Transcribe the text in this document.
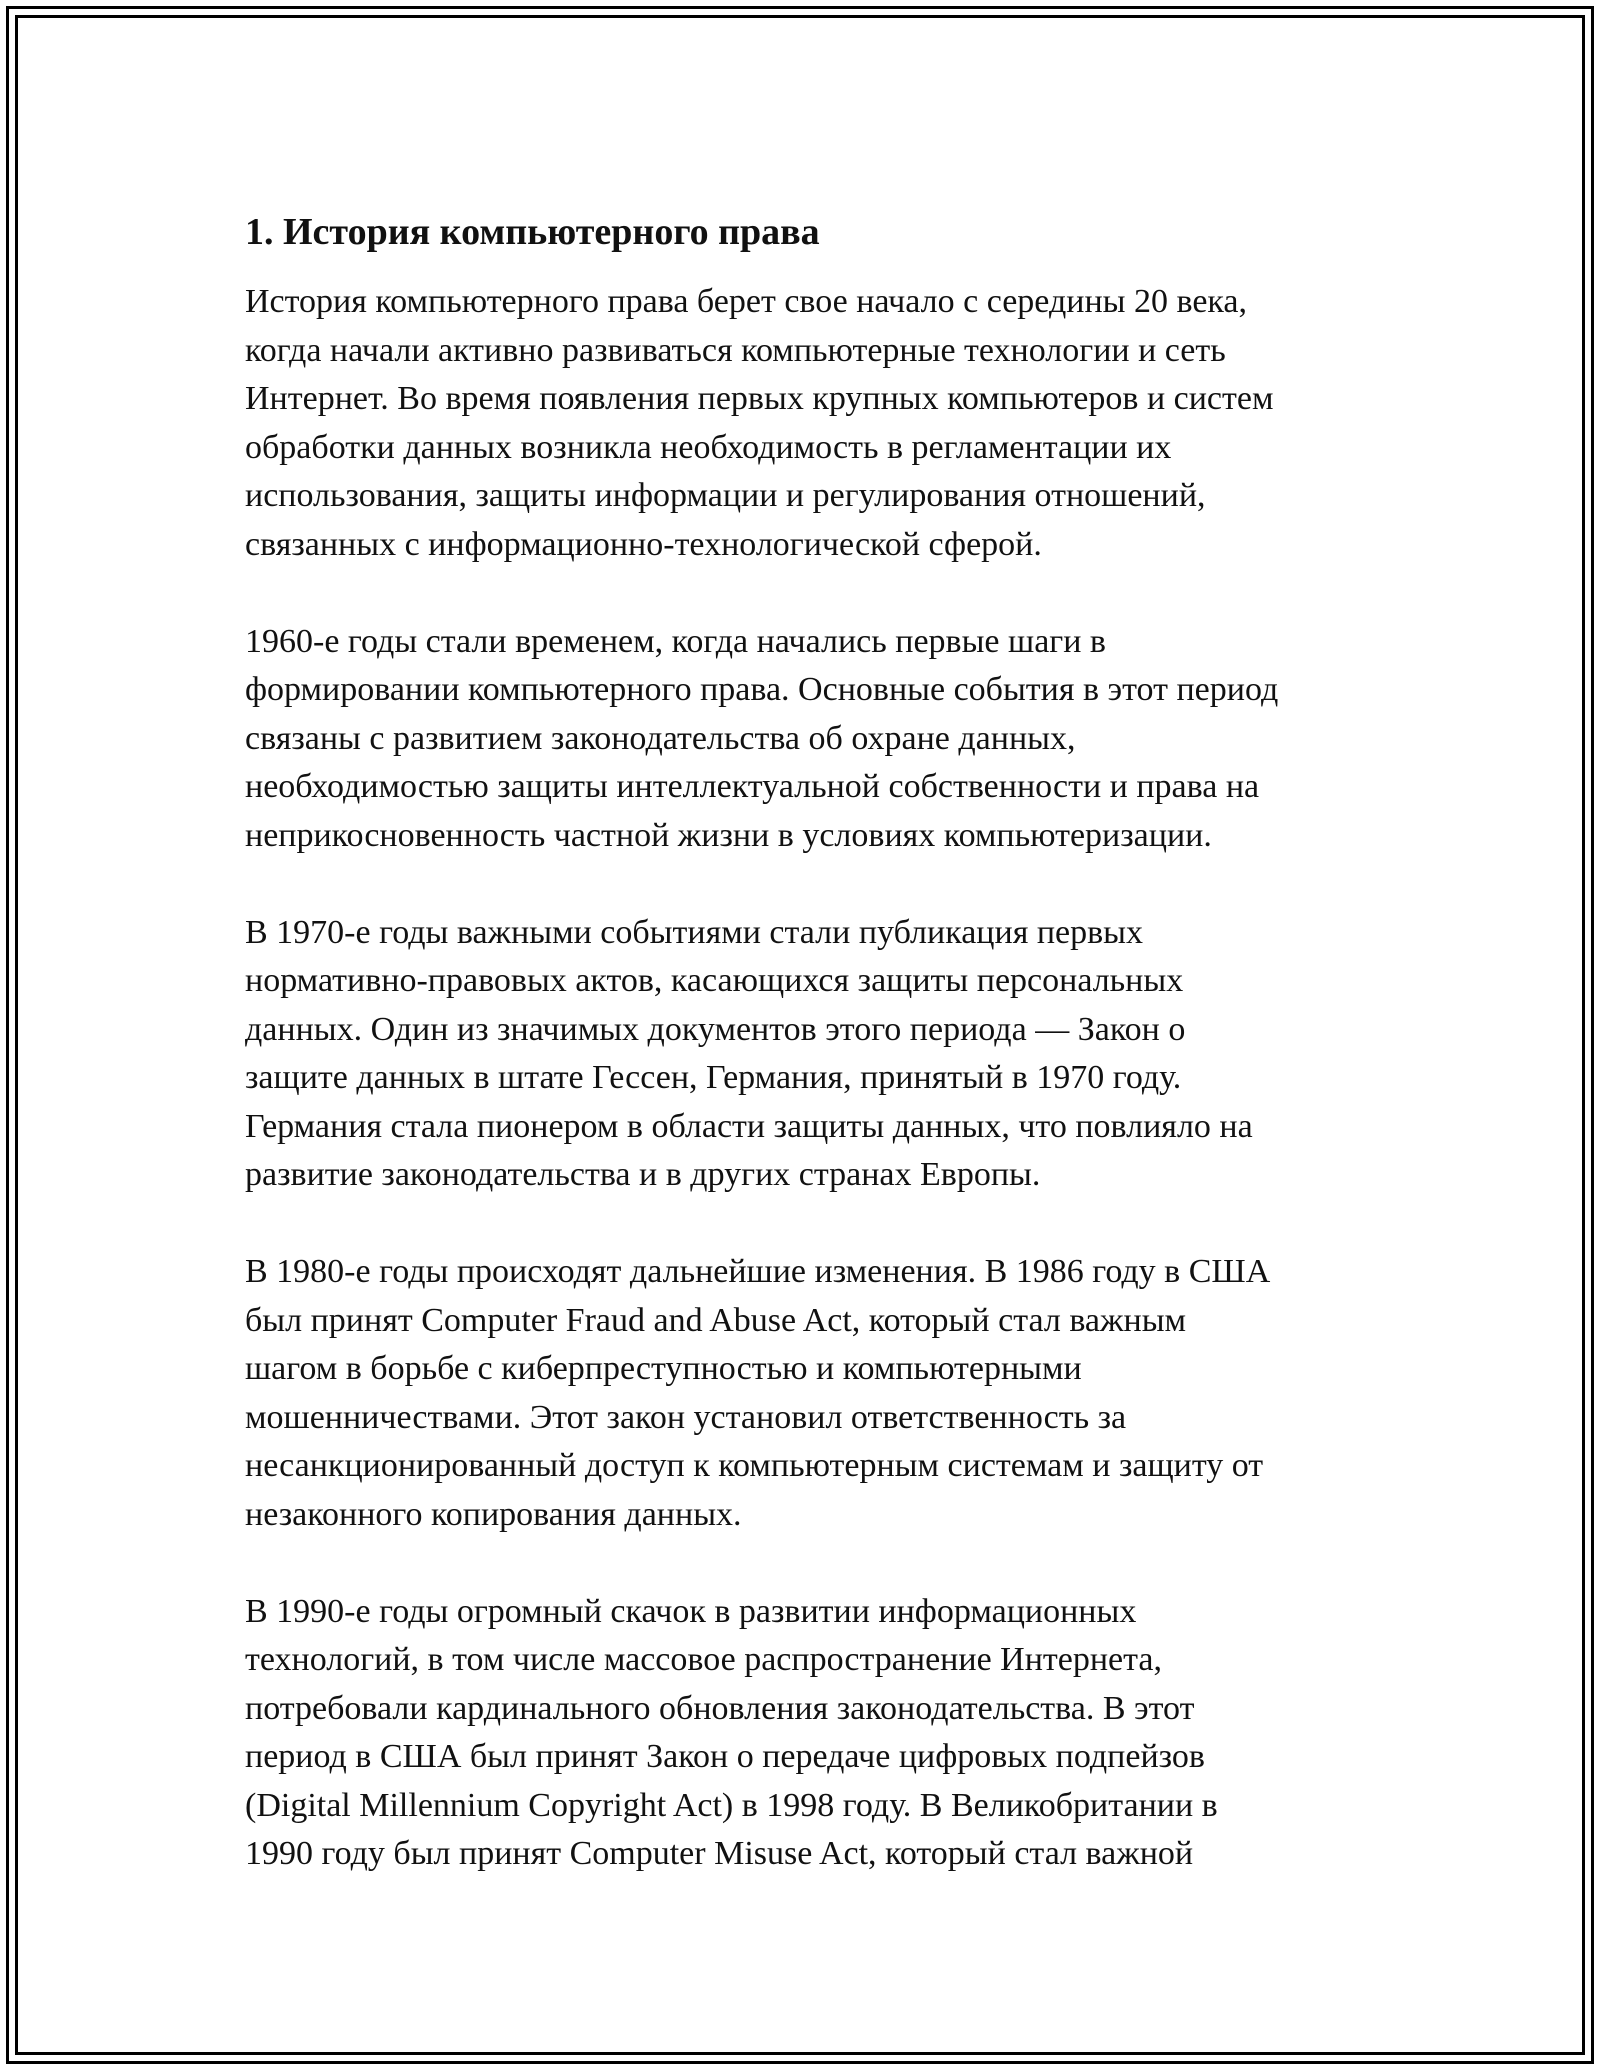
1. История компьютерного права

История компьютерного права берет свое начало с середины 20 века,
когда начали активно развиваться компьютерные технологии и сеть
Интернет. Во время появления первых крупных компьютеров и систем
обработки данных возникла необходимость в регламентации их
использования, защиты информации и регулирования отношений,
связанных с информационно-технологической сферой.

1960-е годы стали временем, когда начались первые шаги в
формировании компьютерного права. Основные события в этот период
связаны с развитием законодательства об охране данных,
необходимостью защиты интеллектуальной собственности и права на
неприкосновенность частной жизни в условиях компьютеризации.

В 1970-е годы важными событиями стали публикация первых
нормативно-правовых актов, касающихся защиты персональных
данных. Один из значимых документов этого периода — Закон о
защите данных в штате Гессен, Германия, принятый в 1970 году.
Германия стала пионером в области защиты данных, что повлияло на
развитие законодательства и в других странах Европы.

В 1980-е годы происходят дальнейшие изменения. В 1986 году в США
был принят Computer Fraud and Abuse Act, который стал важным
шагом в борьбе с киберпреступностью и компьютерными
мошенничествами. Этот закон установил ответственность за
несанкционированный доступ к компьютерным системам и защиту от
незаконного копирования данных.

В 1990-е годы огромный скачок в развитии информационных
технологий, в том числе массовое распространение Интернета,
потребовали кардинального обновления законодательства. В этот
период в США был принят Закон о передаче цифровых подпейзов
(Digital Millennium Copyright Act) в 1998 году. В Великобритании в
1990 году был принят Computer Misuse Act, который стал важной
